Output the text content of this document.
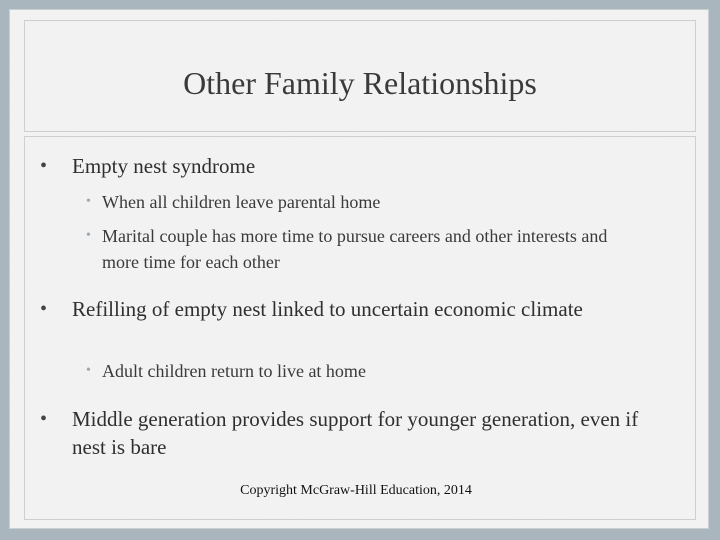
Other Family Relationships
• Empty nest syndrome
• When all children leave parental home
• Marital couple has more time to pursue careers and other interests and more time for each other
• Refilling of empty nest linked to uncertain economic climate
• Adult children return to live at home
• Middle generation provides support for younger generation, even if nest is bare
Copyright McGraw-Hill Education, 2014
